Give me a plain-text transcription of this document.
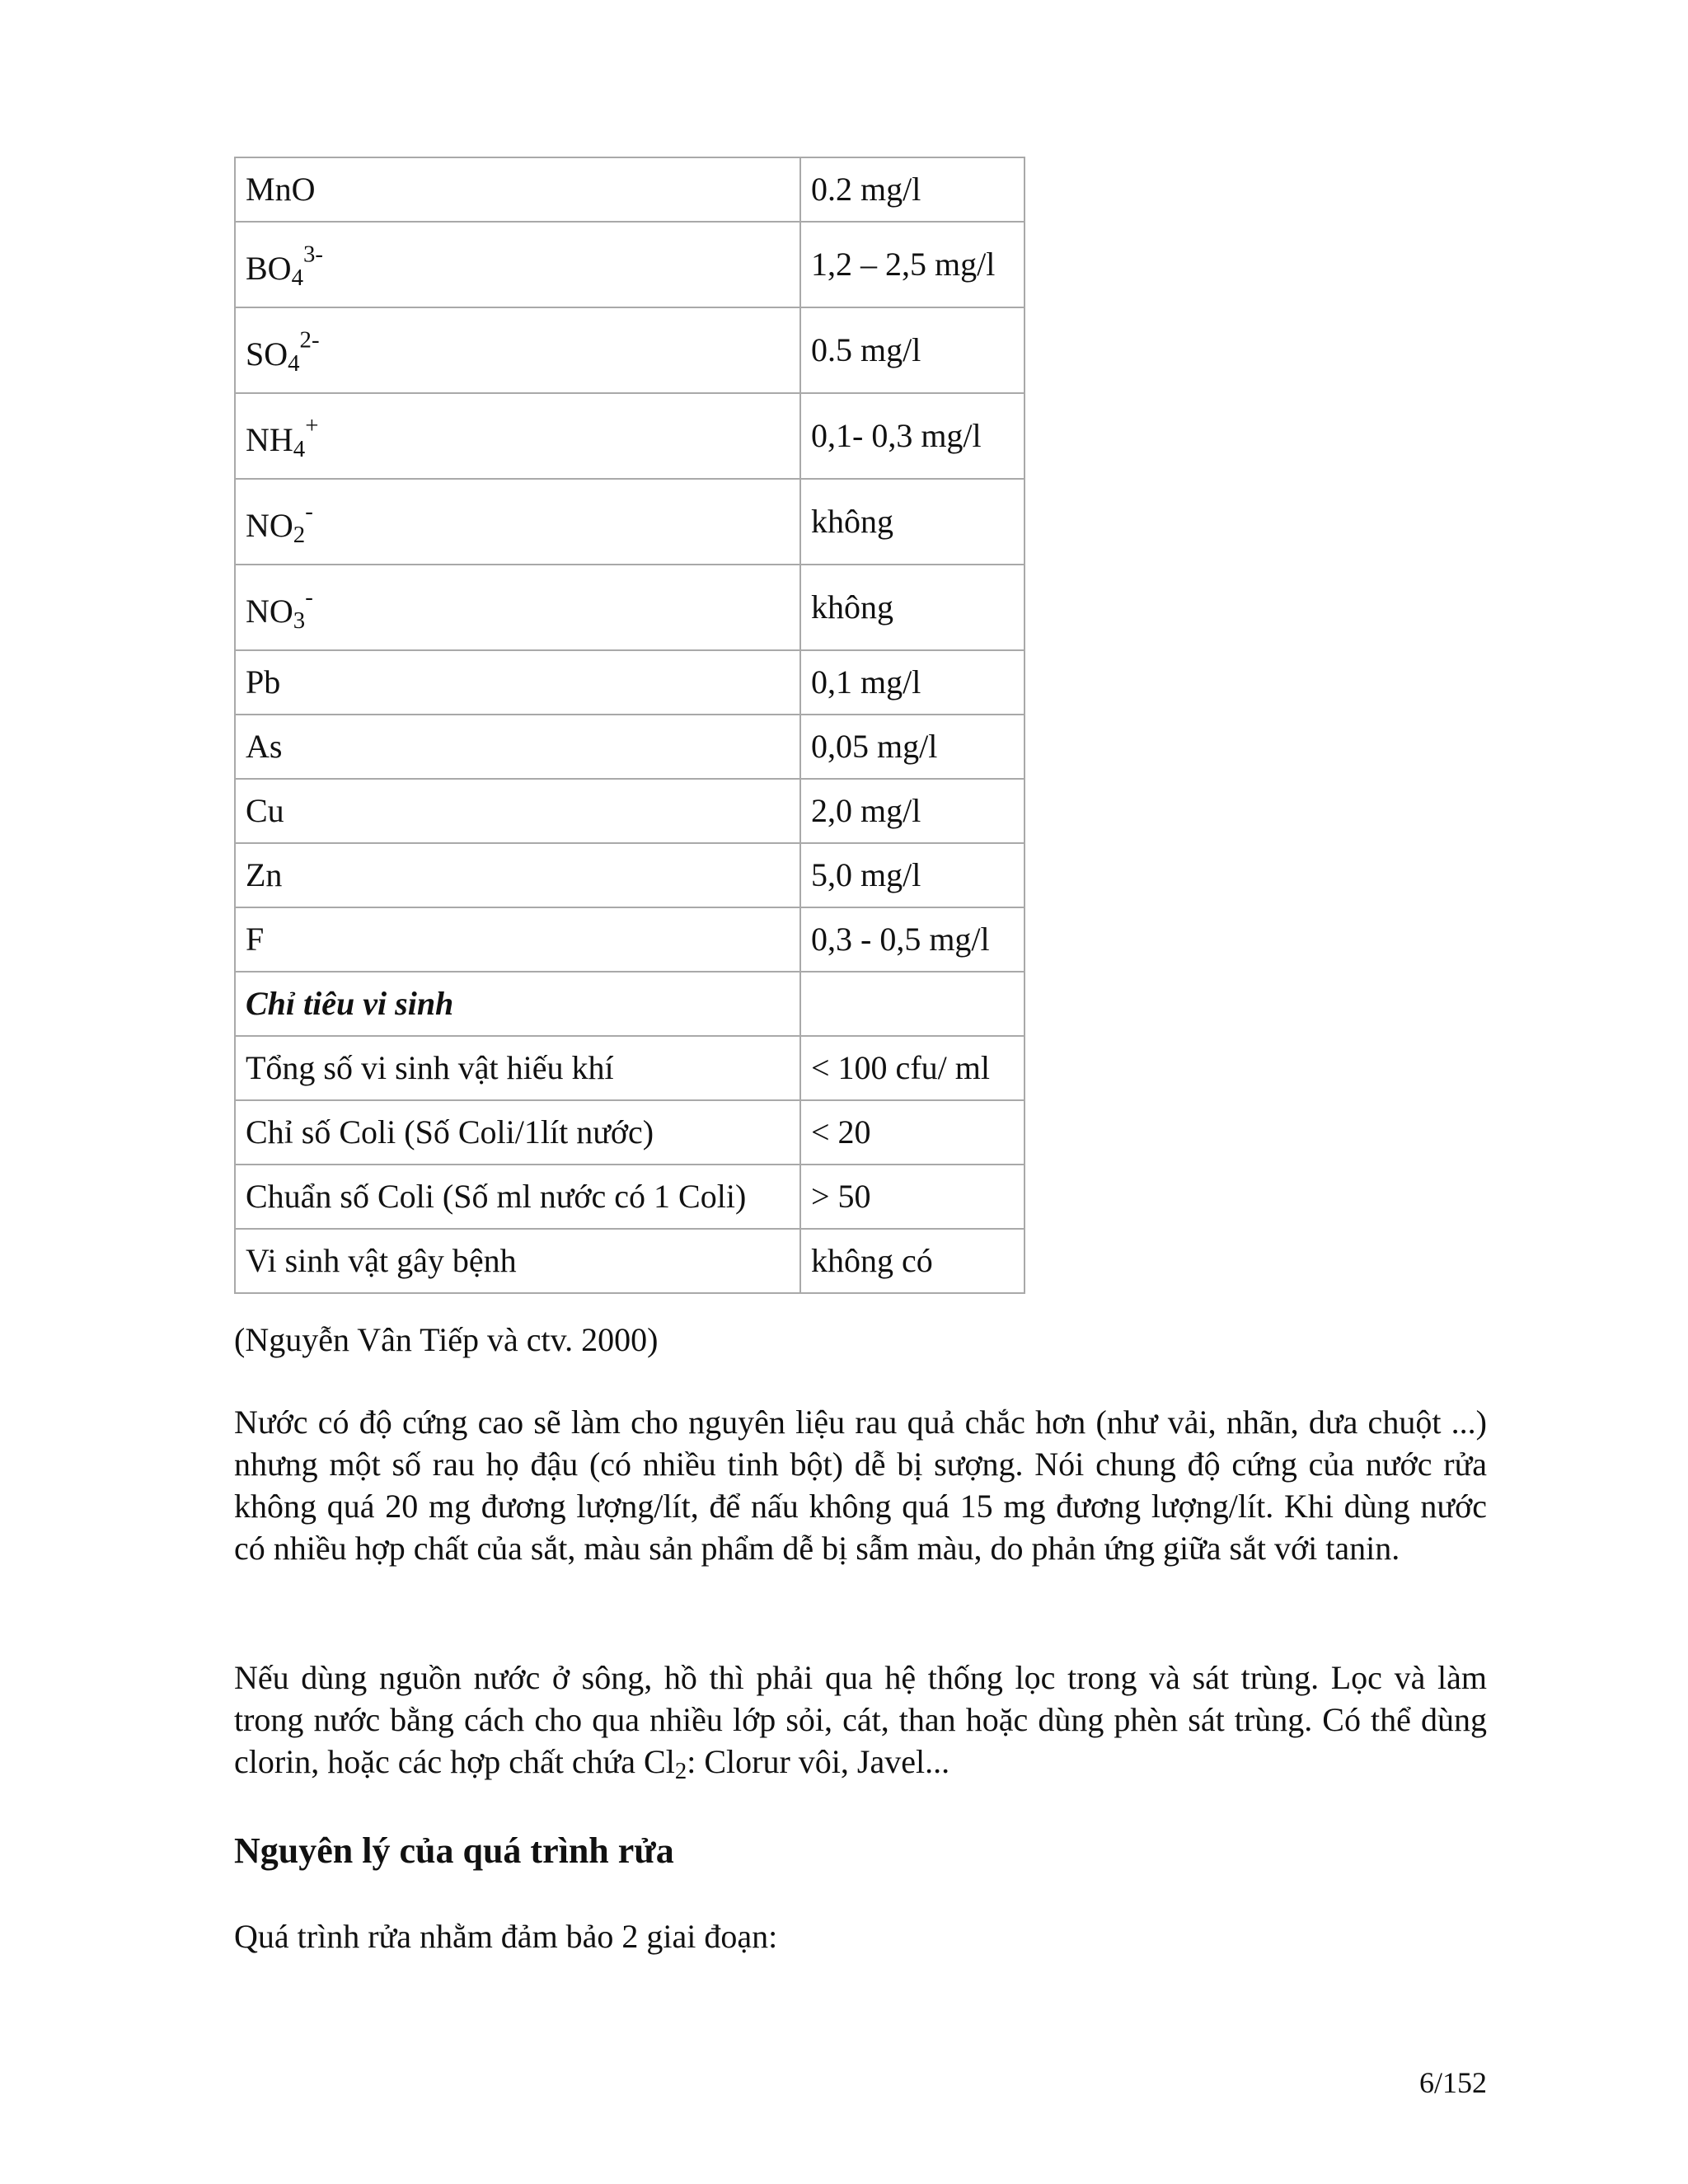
MnO	0.2 mg/l
$BO_4^{3-}$	1,2 – 2,5 mg/l
$SO_4^{2-}$	0.5 mg/l
$NH_4^+$	0,1- 0,3 mg/l
$NO_2^-$	không
$NO_3^-$	không
Pb	0,1 mg/l
As	0,05 mg/l
Cu	2,0 mg/l
Zn	5,0 mg/l
F	0,3 - 0,5 mg/l
Chỉ tiêu vi sinh	
Tổng số vi sinh vật hiếu khí	< 100 cfu/ ml
Chỉ số Coli (Số Coli/1lít nước)	< 20
Chuẩn số Coli (Số ml nước có 1 Coli)	> 50
Vi sinh vật gây bệnh	không có

(Nguyễn Vân Tiếp và ctv. 2000)

Nước có độ cứng cao sẽ làm cho nguyên liệu rau quả chắc hơn (như vải, nhãn, dưa chuột ...) nhưng một số rau họ đậu (có nhiều tinh bột) dễ bị sượng. Nói chung độ cứng của nước rửa không quá 20 mg đương lượng/lít, để nấu không quá 15 mg đương lượng/lít. Khi dùng nước có nhiều hợp chất của sắt, màu sản phẩm dễ bị sẫm màu, do phản ứng giữa sắt với tanin.

Nếu dùng nguồn nước ở sông, hồ thì phải qua hệ thống lọc trong và sát trùng. Lọc và làm trong nước bằng cách cho qua nhiều lớp sỏi, cát, than hoặc dùng phèn sát trùng. Có thể dùng clorin, hoặc các hợp chất chứa $Cl_2$: Clorur vôi, Javel...

Nguyên lý của quá trình rửa

Quá trình rửa nhằm đảm bảo 2 giai đoạn:

6/152
